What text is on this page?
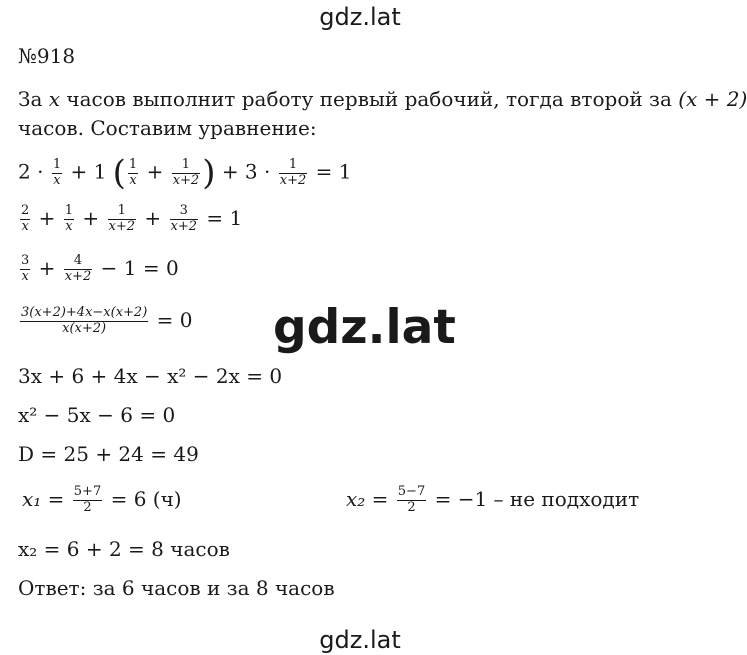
gdz.lat
№918
За x часов выполнит работу первый рабочий, тогда второй за (x + 2)
часов. Составим уравнение:
$2 \cdot \frac{1}{x} + 1$ ( $\frac{1}{x} + \frac{1}{x+2}$ ) + $3 \cdot \frac{1}{x+2} = 1$
$\frac{2}{x} + \frac{1}{x} + \frac{1}{x+2} + \frac{3}{x+2} = 1$
$\frac{3}{x} + \frac{4}{x+2} - 1 = 0$
$\frac{3(x+2)+4x-x(x+2)}{x(x+2)} = 0$ gdz.lat
3x + 6 + 4x − x² − 2x = 0
x² − 5x − 6 = 0
D = 25 + 24 = 49
$x_1 = \frac{5+7}{2} = 6$ (ч)	$x_2 = \frac{5-7}{2} = -1$ – не подходит
x₂ = 6 + 2 = 8 часов
Ответ: за 6 часов и за 8 часов
gdz.lat
